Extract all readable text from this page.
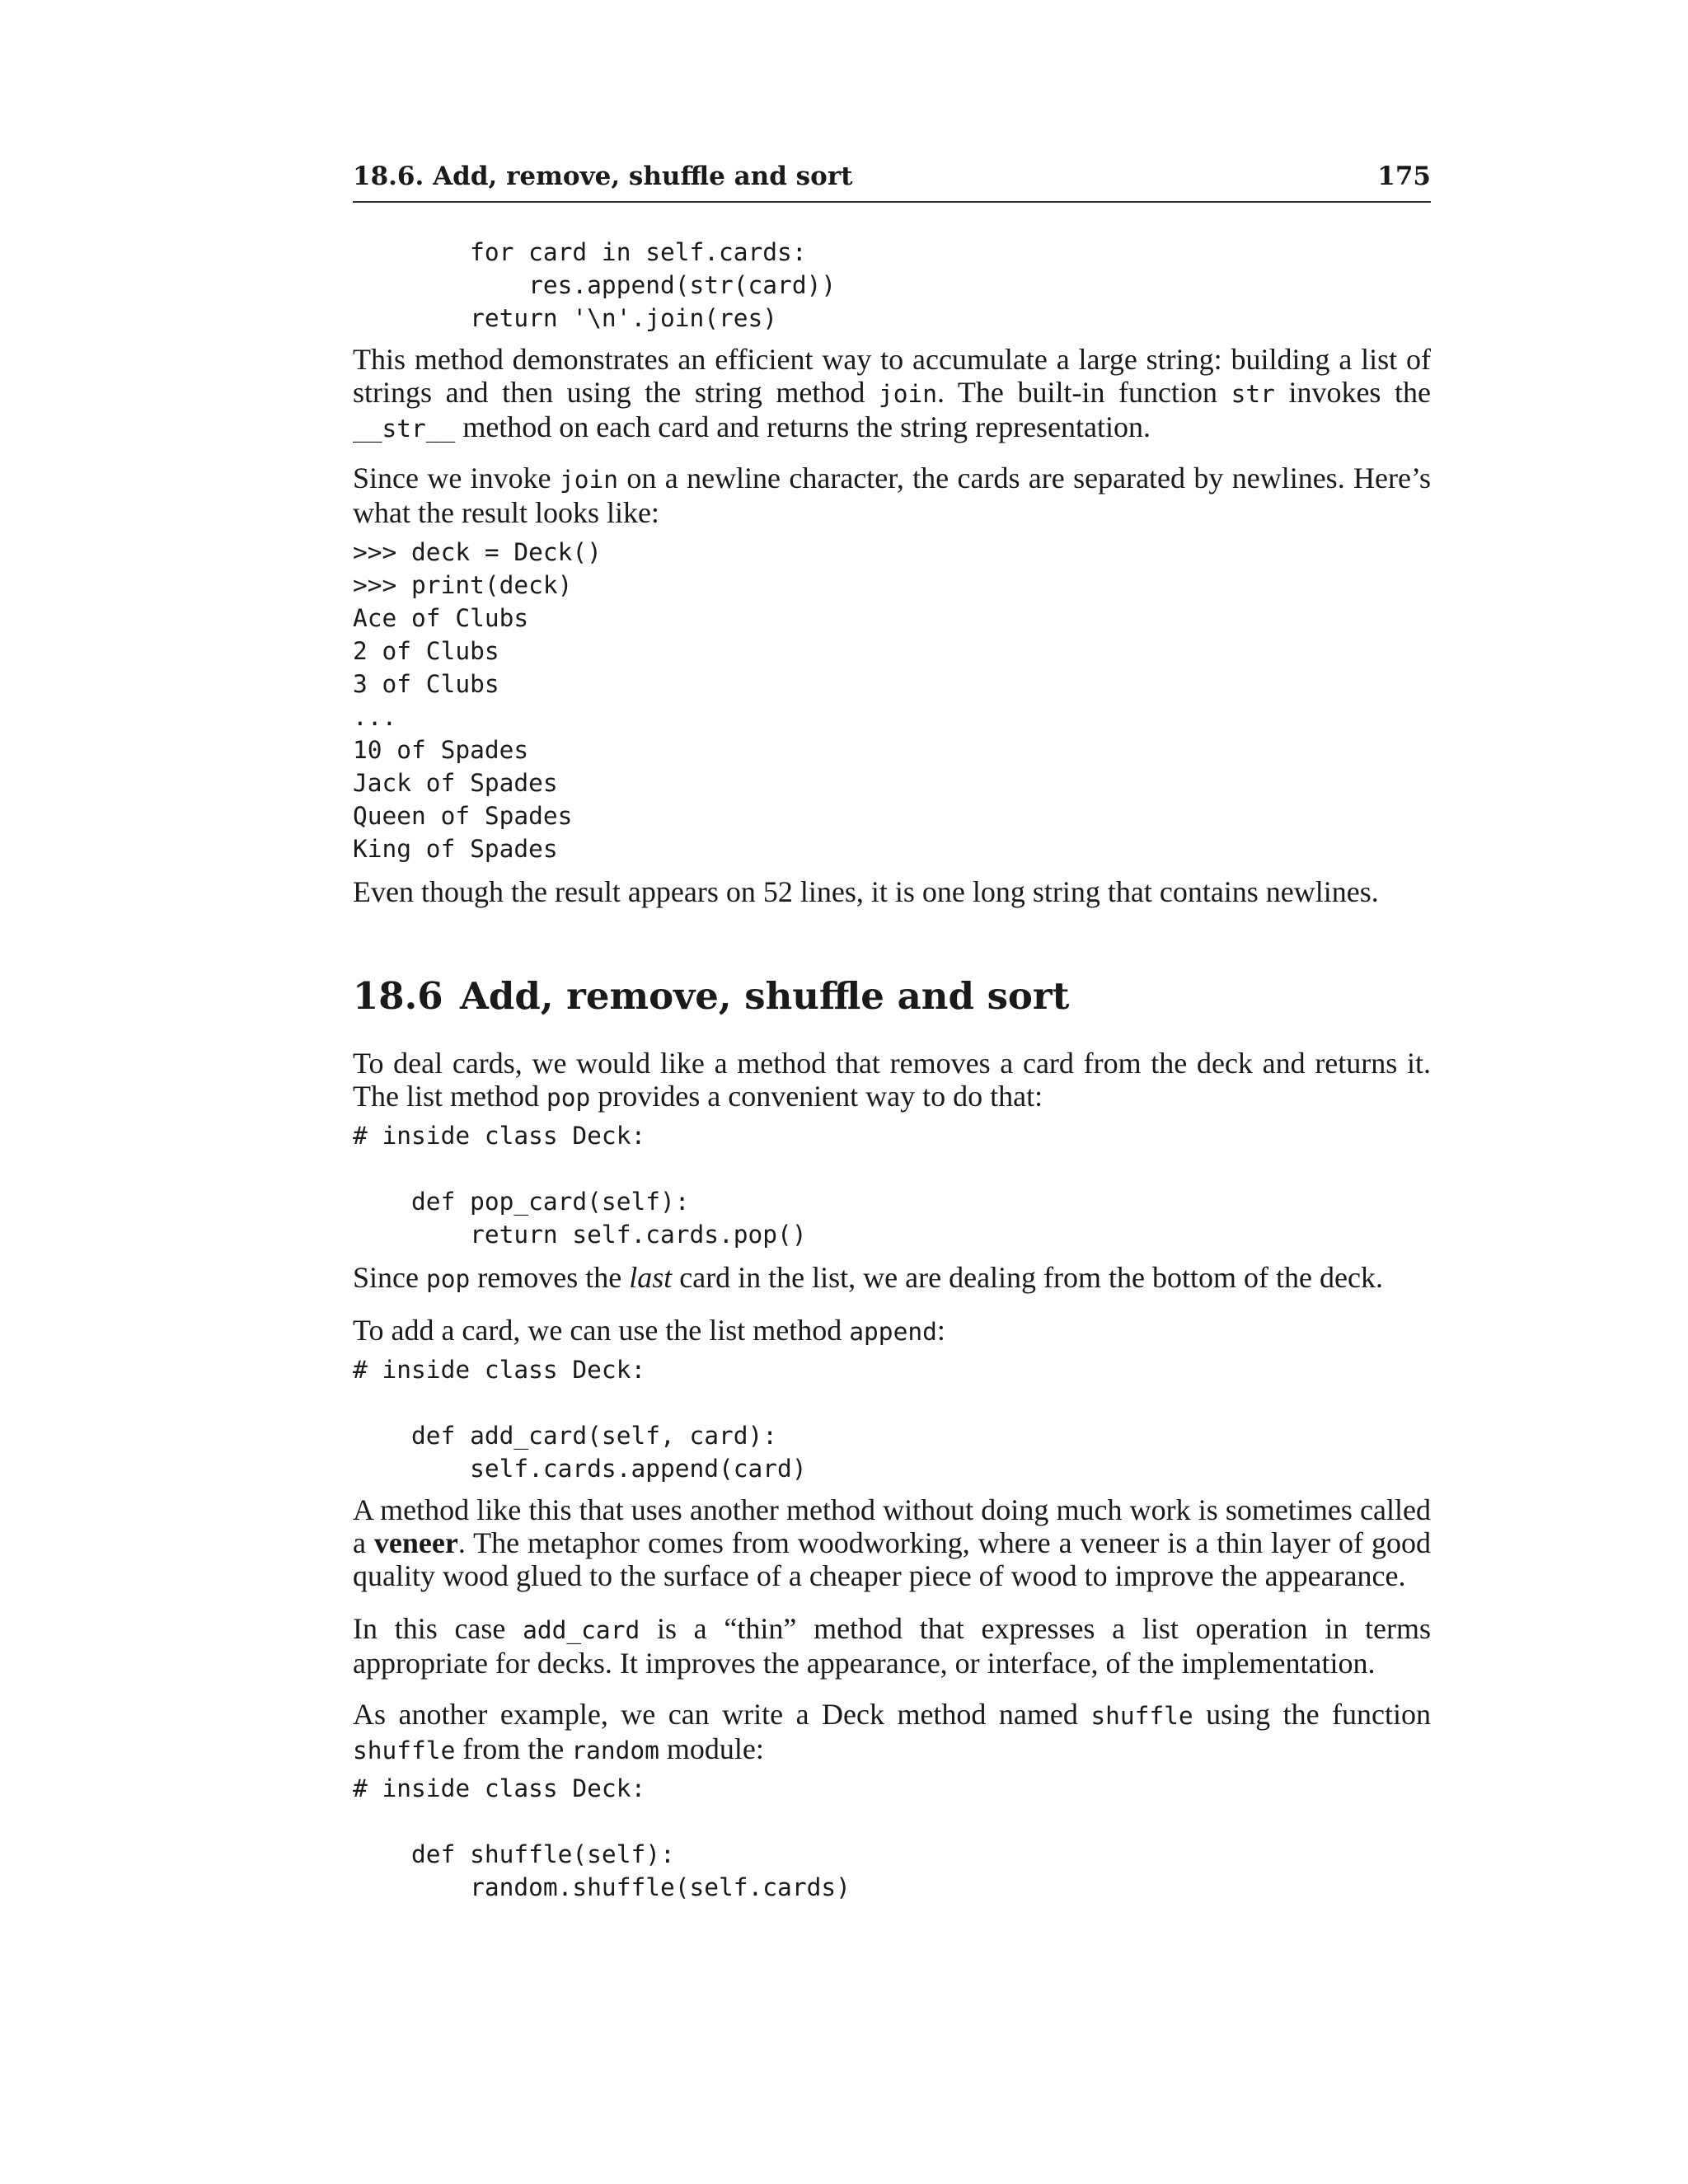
18.6. Add, remove, shuffle and sort	175
for card in self.cards:
res.append(str(card))
return '\n'.join(res)

This method demonstrates an efficient way to accumulate a large string: building a list of strings and then using the string method join. The built-in function str invokes the __str__ method on each card and returns the string representation.

Since we invoke join on a newline character, the cards are separated by newlines. Here’s what the result looks like:

>>> deck = Deck()
>>> print(deck)
Ace of Clubs
2 of Clubs
3 of Clubs
...
10 of Spades
Jack of Spades
Queen of Spades
King of Spades

Even though the result appears on 52 lines, it is one long string that contains newlines.

18.6 Add, remove, shuffle and sort

To deal cards, we would like a method that removes a card from the deck and returns it. The list method pop provides a convenient way to do that:

# inside class Deck:

def pop_card(self):
return self.cards.pop()

Since pop removes the last card in the list, we are dealing from the bottom of the deck.

To add a card, we can use the list method append:

# inside class Deck:

def add_card(self, card):
self.cards.append(card)

A method like this that uses another method without doing much work is sometimes called a veneer. The metaphor comes from woodworking, where a veneer is a thin layer of good quality wood glued to the surface of a cheaper piece of wood to improve the appearance.

In this case add_card is a “thin” method that expresses a list operation in terms appropriate for decks. It improves the appearance, or interface, of the implementation.

As another example, we can write a Deck method named shuffle using the function shuffle from the random module:

# inside class Deck:

def shuffle(self):
random.shuffle(self.cards)
